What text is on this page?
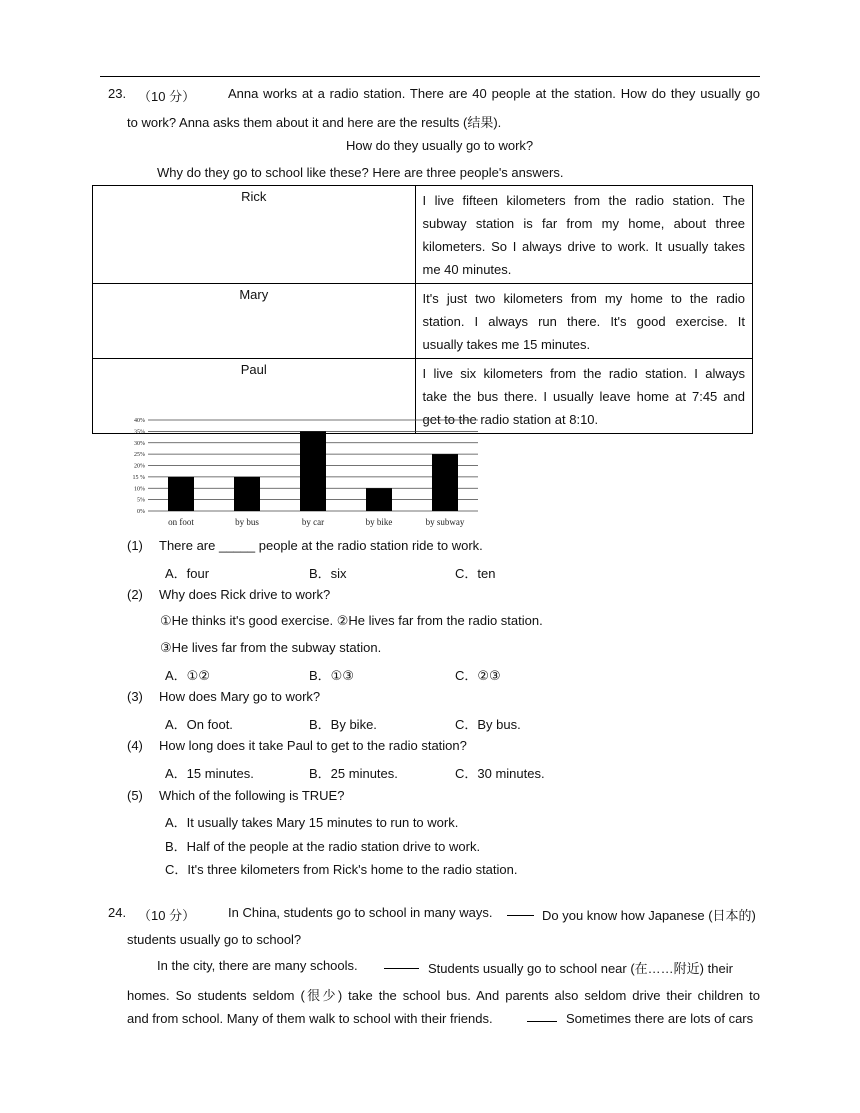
23. （10 分）	Anna works at a radio station. There are 40 people at the station. How do they usually go
to work? Anna asks them about it and here are the results (结果).
How do they usually go to work?
Why do they go to school like these? Here are three people's answers.
Rick	I live fifteen kilometers from the radio station. The
subway station is far from my home, about three
kilometers. So I always drive to work. It usually takes
me 40 minutes.

Mary	It's just two kilometers from my home to the radio
station. I always run there. It's good exercise. It
usually takes me 15 minutes.

Paul	I live six kilometers from the radio station. I always
take the bus there. I usually leave home at 7:45 and
get to the radio station at 8:10.
0%
5%
10%
15 %
20%
25%
30%
35%
40%
on foot	by bus	by car	by bike	by subway
(1) There are _____ people at the radio station ride to work.
A．four	B．six	C．ten
(2) Why does Rick drive to work?
①He thinks it's good exercise. ②He lives far from the radio station.
③He lives far from the subway station.
A．①②	B．①③	C．②③
(3) How does Mary go to work?
A．On foot.	B．By bike.	C．By bus.
(4) How long does it take Paul to get to the radio station?
A．15 minutes.	B．25 minutes.	C．30 minutes.
(5) Which of the following is TRUE?
A．It usually takes Mary 15 minutes to run to work.
B．Half of the people at the radio station drive to work.
C．It's three kilometers from Rick's home to the radio station.
24. （10 分）	In China, students go to school in many ways.	Do you know how Japanese (日本的)
students usually go to school?
In the city, there are many schools.	Students usually go to school near (在……附近) their
homes. So students seldom (很少) take the school bus. And parents also seldom drive their children to
and from school. Many of them walk to school with their friends.	Sometimes there are lots of cars
